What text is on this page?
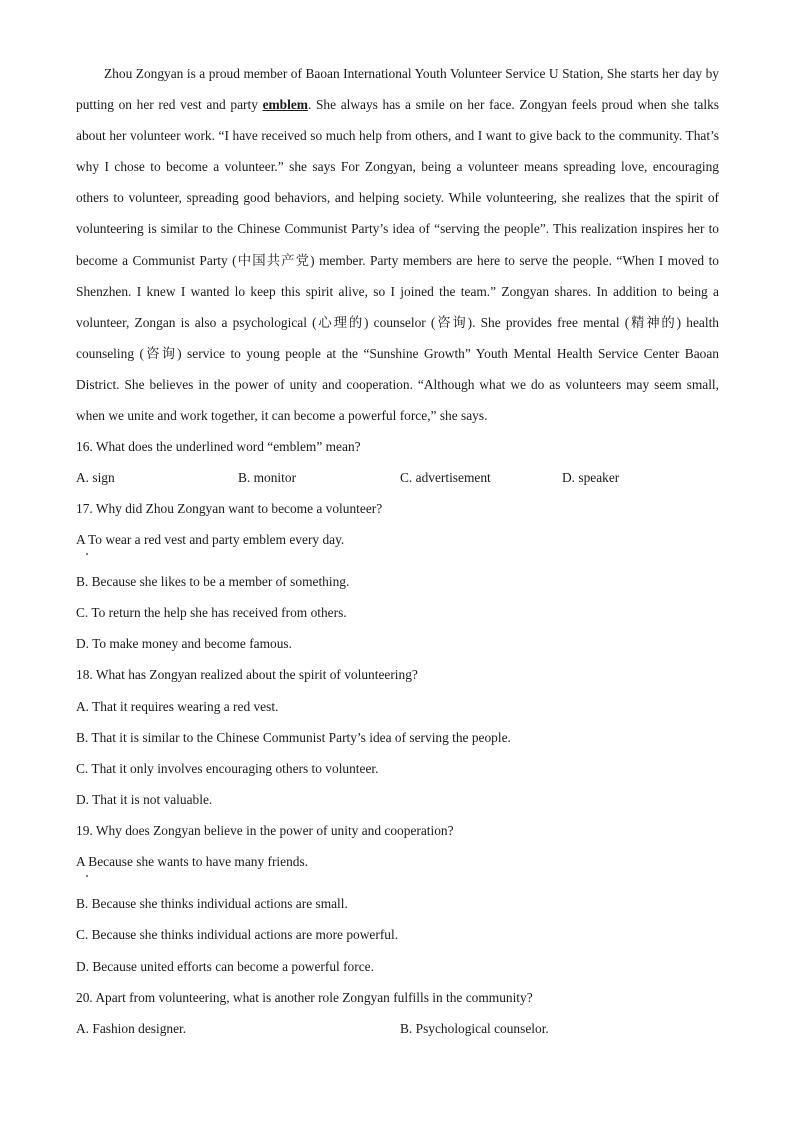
Zhou Zongyan is a proud member of Baoan International Youth Volunteer Service U Station, She starts her day by putting on her red vest and party emblem. She always has a smile on her face. Zongyan feels proud when she talks about her volunteer work. “I have received so much help from others, and I want to give back to the community. That’s why I chose to become a volunteer.” she says For Zongyan, being a volunteer means spreading love, encouraging others to volunteer, spreading good behaviors, and helping society. While volunteering, she realizes that the spirit of volunteering is similar to the Chinese Communist Party’s idea of “serving the people”. This realization inspires her to become a Communist Party (中国共产党) member. Party members are here to serve the people. “When I moved to Shenzhen. I knew I wanted lo keep this spirit alive, so I joined the team.” Zongyan shares. In addition to being a volunteer, Zongan is also a psychological (心理的) counselor (咨询). She provides free mental (精神的) health counseling (咨询) service to young people at the “Sunshine Growth” Youth Mental Health Service Center Baoan District. She believes in the power of unity and cooperation. “Although what we do as volunteers may seem small, when we unite and work together, it can become a powerful force,” she says.

16. What does the underlined word “emblem” mean?
A. sign	B. monitor	C. advertisement	D. speaker
17. Why did Zhou Zongyan want to become a volunteer?
A To wear a red vest and party emblem every day.
B. Because she likes to be a member of something.
C. To return the help she has received from others.
D. To make money and become famous.
18. What has Zongyan realized about the spirit of volunteering?
A. That it requires wearing a red vest.
B. That it is similar to the Chinese Communist Party’s idea of serving the people.
C. That it only involves encouraging others to volunteer.
D. That it is not valuable.
19. Why does Zongyan believe in the power of unity and cooperation?
A Because she wants to have many friends.
B. Because she thinks individual actions are small.
C. Because she thinks individual actions are more powerful.
D. Because united efforts can become a powerful force.
20. Apart from volunteering, what is another role Zongyan fulfills in the community?
A. Fashion designer.	B. Psychological counselor.
